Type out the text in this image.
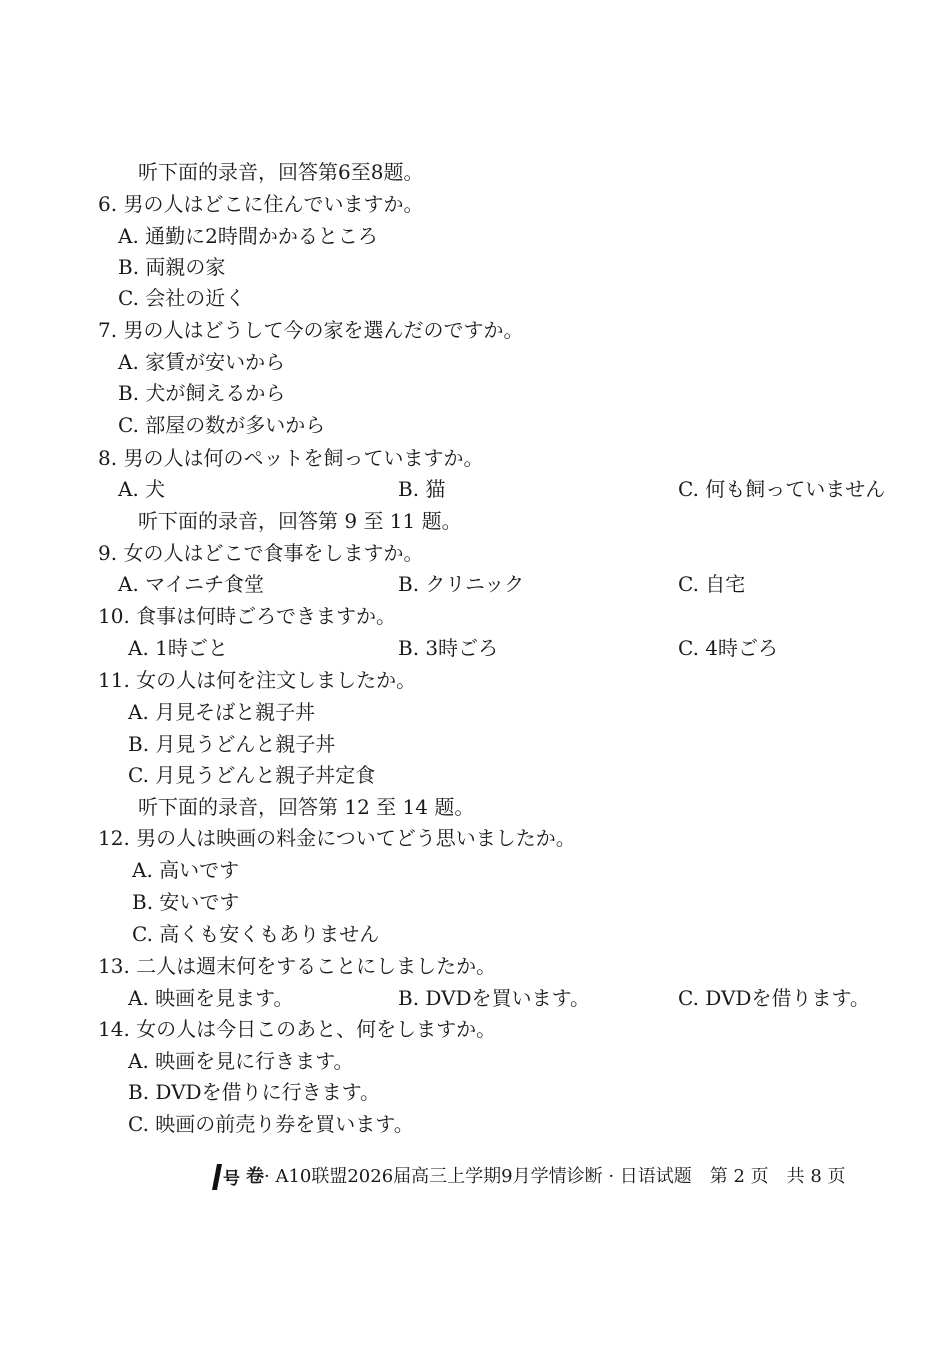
听下面的录音，回答第6至8题。
6. 男の人はどこに住んでいますか。
A. 通勤に2時間かかるところ
B. 両親の家
C. 会社の近く
7. 男の人はどうして今の家を選んだのですか。
A. 家賃が安いから
B. 犬が飼えるから
C. 部屋の数が多いから
8. 男の人は何のペットを飼っていますか。
A. 犬	B. 猫	C. 何も飼っていません
听下面的录音，回答第 9 至 11 题。
9. 女の人はどこで食事をしますか。
A. マイニチ食堂	B. クリニック	C. 自宅
10. 食事は何時ごろできますか。
A. 1時ごと	B. 3時ごろ	C. 4時ごろ
11. 女の人は何を注文しましたか。
A. 月見そばと親子丼
B. 月見うどんと親子丼
C. 月見うどんと親子丼定食
听下面的录音，回答第 12 至 14 题。
12. 男の人は映画の料金についてどう思いましたか。
A. 高いです
B. 安いです
C. 高くも安くもありません
13. 二人は週末何をすることにしましたか。
A. 映画を見ます。	B. DVDを買います。	C. DVDを借ります。
14. 女の人は今日このあと、何をしますか。
A. 映画を見に行きます。
B. DVDを借りに行きます。
C. 映画の前売り券を買います。
号 卷· A10联盟2026届高三上学期9月学情诊断 · 日语试题　第 2 页　共 8 页
